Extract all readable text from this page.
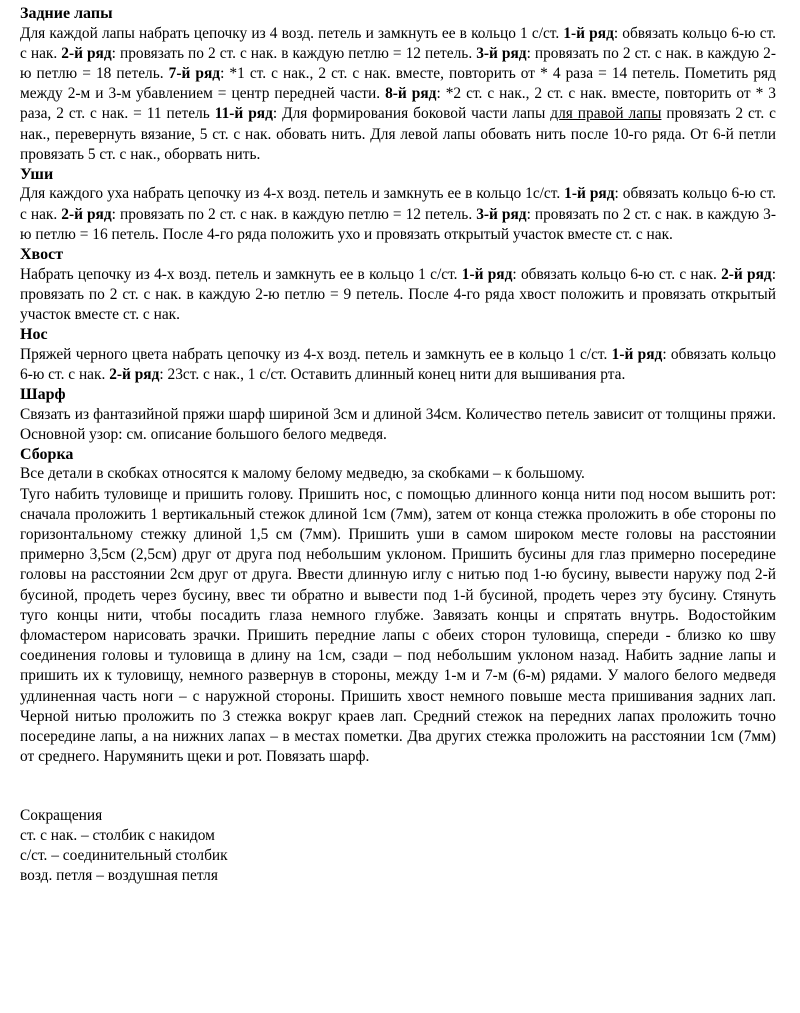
Задние лапы

Для каждой лапы набрать цепочку из 4 возд. петель и замкнуть ее в кольцо 1 с/ст. 1-й ряд: обвязать кольцо 6-ю ст. с нак. 2-й ряд: провязать по 2 ст. с нак. в каждую петлю = 12 петель. 3-й ряд: провязать по 2 ст. с нак. в каждую 2-ю петлю = 18 петель. 7-й ряд: *1 ст. с нак., 2 ст. с нак. вместе, повторить от * 4 раза = 14 петель. Пометить ряд между 2-м и 3-м убавлением = центр передней части. 8-й ряд: *2 ст. с нак., 2 ст. с нак. вместе, повторить от * 3 раза, 2 ст. с нак. = 11 петель 11-й ряд: Для формирования боковой части лапы для правой лапы провязать 2 ст. с нак., перевернуть вязание, 5 ст. с нак. обовать нить. Для левой лапы обовать нить после 10-го ряда. От 6-й петли провязать 5 ст. с нак., оборвать нить.

Уши

Для каждого уха набрать цепочку из 4-х возд. петель и замкнуть ее в кольцо 1с/ст. 1-й ряд: обвязать кольцо 6-ю ст. с нак. 2-й ряд: провязать по 2 ст. с нак. в каждую петлю = 12 петель. 3-й ряд: провязать по 2 ст. с нак. в каждую 3-ю петлю = 16 петель. После 4-го ряда положить ухо и провязать открытый участок вместе ст. с нак.

Хвост

Набрать цепочку из 4-х возд. петель и замкнуть ее в кольцо 1 с/ст. 1-й ряд: обвязать кольцо 6-ю ст. с нак. 2-й ряд: провязать по 2 ст. с нак. в каждую 2-ю петлю = 9 петель. После 4-го ряда хвост положить и провязать открытый участок вместе ст. с нак.

Нос

Пряжей черного цвета набрать цепочку из 4-х возд. петель и замкнуть ее в кольцо 1 с/ст. 1-й ряд: обвязать кольцо 6-ю ст. с нак. 2-й ряд: 23ст. с нак., 1 с/ст. Оставить длинный конец нити для вышивания рта.

Шарф

Связать из фантазийной пряжи шарф шириной 3см и длиной 34см. Количество петель зависит от толщины пряжи. Основной узор: см. описание большого белого медведя.

Сборка

Все детали в скобках относятся к малому белому медведю, за скобками – к большому.

Туго набить туловище и пришить голову. Пришить нос, с помощью длинного конца нити под носом вышить рот: сначала проложить 1 вертикальный стежок длиной 1см (7мм), затем от конца стежка проложить в обе стороны по горизонтальному стежку длиной 1,5 см (7мм). Пришить уши в самом широком месте головы на расстоянии примерно 3,5см (2,5см) друг от друга под небольшим уклоном. Пришить бусины для глаз примерно посередине головы на расстоянии 2см друг от друга. Ввести длинную иглу с нитью под 1-ю бусину, вывести наружу под 2-й бусиной, продеть через бусину, ввес ти обратно и вывести под 1-й бусиной, продеть через эту бусину. Стянуть туго концы нити, чтобы посадить глаза немного глубже. Завязать концы и спрятать внутрь. Водостойким фломастером нарисовать зрачки. Пришить передние лапы с обеих сторон туловища, спереди - близко ко шву соединения головы и туловища в длину на 1см, сзади – под небольшим уклоном назад. Набить задние лапы и пришить их к туловищу, немного развернув в стороны, между 1-м и 7-м (6-м) рядами. У малого белого медведя удлиненная часть ноги – с наружной стороны. Пришить хвост немного повыше места пришивания задних лап. Черной нитью проложить по 3 стежка вокруг краев лап. Средний стежок на передних лапах проложить точно посередине лапы, а на нижних лапах – в местах пометки. Два других стежка проложить на расстоянии 1см (7мм) от среднего. Нарумянить щеки и рот. Повязать шарф.

Сокращения
ст. с нак. – столбик с накидом
с/ст. – соединительный столбик
возд. петля – воздушная петля
